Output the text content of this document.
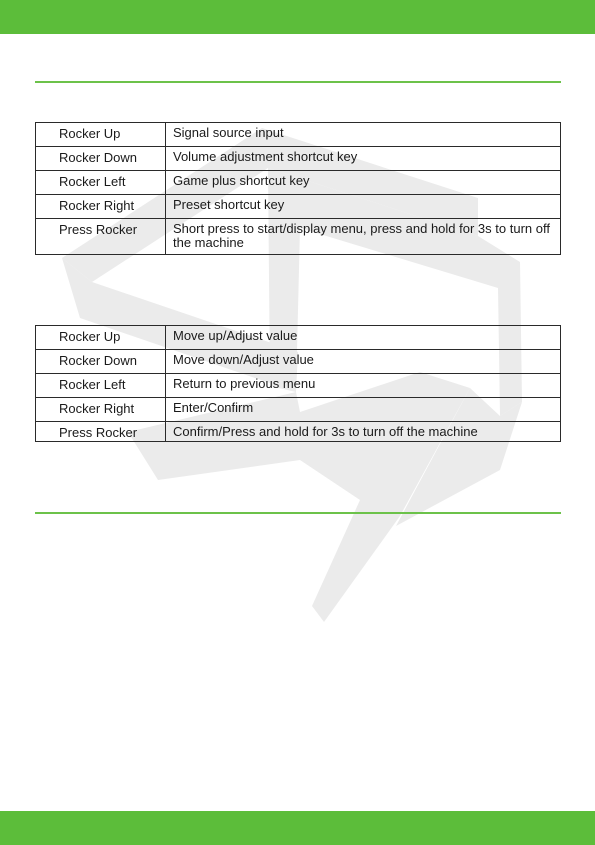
Rocker Up	Signal source input
Rocker Down	Volume adjustment shortcut key
Rocker Left	Game plus shortcut key
Rocker Right	Preset shortcut key
Press Rocker	Short press to start/display menu, press and hold for 3s to turn off the machine
Rocker Up	Move up/Adjust value
Rocker Down	Move down/Adjust value
Rocker Left	Return to previous menu
Rocker Right	Enter/Confirm
Press Rocker	Confirm/Press and hold for 3s to turn off the machine
